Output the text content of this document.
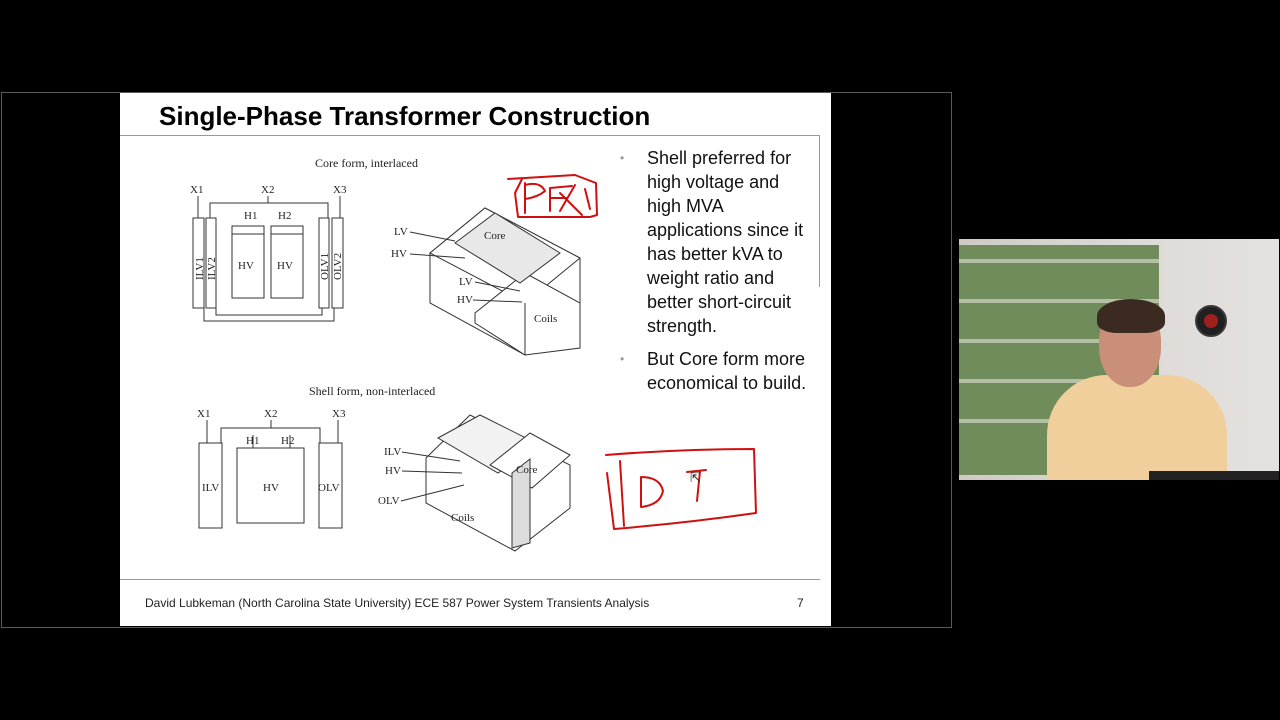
Single-Phase Transformer Construction
Core form, interlaced
Shell form, non-interlaced
X1	X2	X3
H1 H2
ILV1 ILV2 HV HV OLV1 OLV2
LV
HV
Core
LV
HV
Coils
X1	X2	X3
H1 H2
ILV	HV	OLV
ILV
HV
OLV
Core
Coils
• Shell preferred for high voltage and high MVA applications since it has better kVA to weight ratio and better short-circuit strength.
• But Core form more economical to build.
David Lubkeman (North Carolina State University) ECE 587 Power System Transients Analysis	7
⇱
